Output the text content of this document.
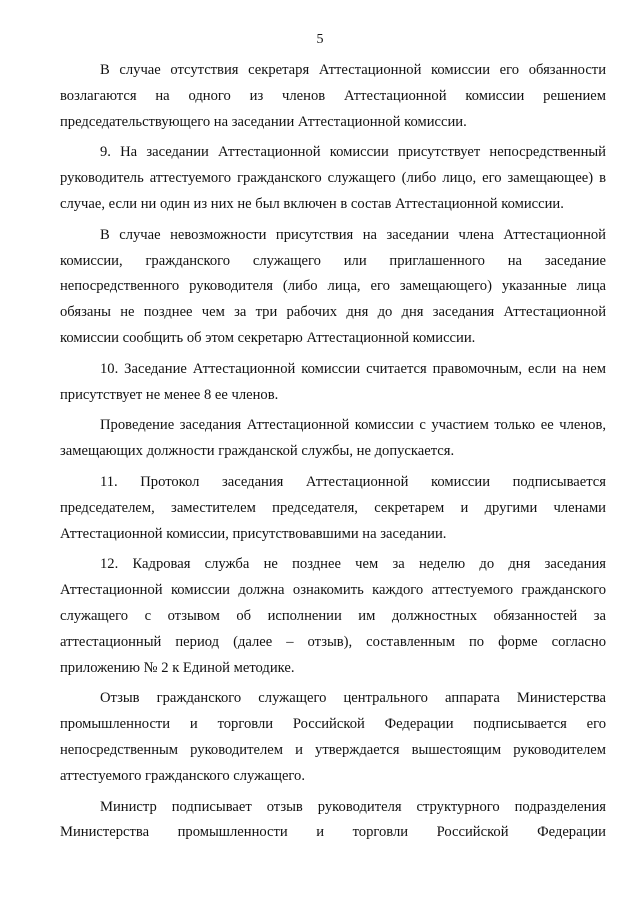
5

В случае отсутствия секретаря Аттестационной комиссии его обязанности возлагаются на одного из членов Аттестационной комиссии решением председательствующего на заседании Аттестационной комиссии.

9. На заседании Аттестационной комиссии присутствует непосредственный руководитель аттестуемого гражданского служащего (либо лицо, его замещающее) в случае, если ни один из них не был включен в состав Аттестационной комиссии.

В случае невозможности присутствия на заседании члена Аттестационной комиссии, гражданского служащего или приглашенного на заседание непосредственного руководителя (либо лица, его замещающего) указанные лица обязаны не позднее чем за три рабочих дня до дня заседания Аттестационной комиссии сообщить об этом секретарю Аттестационной комиссии.

10. Заседание Аттестационной комиссии считается правомочным, если на нем присутствует не менее 8 ее членов.

Проведение заседания Аттестационной комиссии с участием только ее членов, замещающих должности гражданской службы, не допускается.

11. Протокол заседания Аттестационной комиссии подписывается председателем, заместителем председателя, секретарем и другими членами Аттестационной комиссии, присутствовавшими на заседании.

12. Кадровая служба не позднее чем за неделю до дня заседания Аттестационной комиссии должна ознакомить каждого аттестуемого гражданского служащего с отзывом об исполнении им должностных обязанностей за аттестационный период (далее – отзыв), составленным по форме согласно приложению № 2 к Единой методике.

Отзыв гражданского служащего центрального аппарата Министерства промышленности и торговли Российской Федерации подписывается его непосредственным руководителем и утверждается вышестоящим руководителем аттестуемого гражданского служащего.

Министр подписывает отзыв руководителя структурного подразделения Министерства промышленности и торговли Российской Федерации
